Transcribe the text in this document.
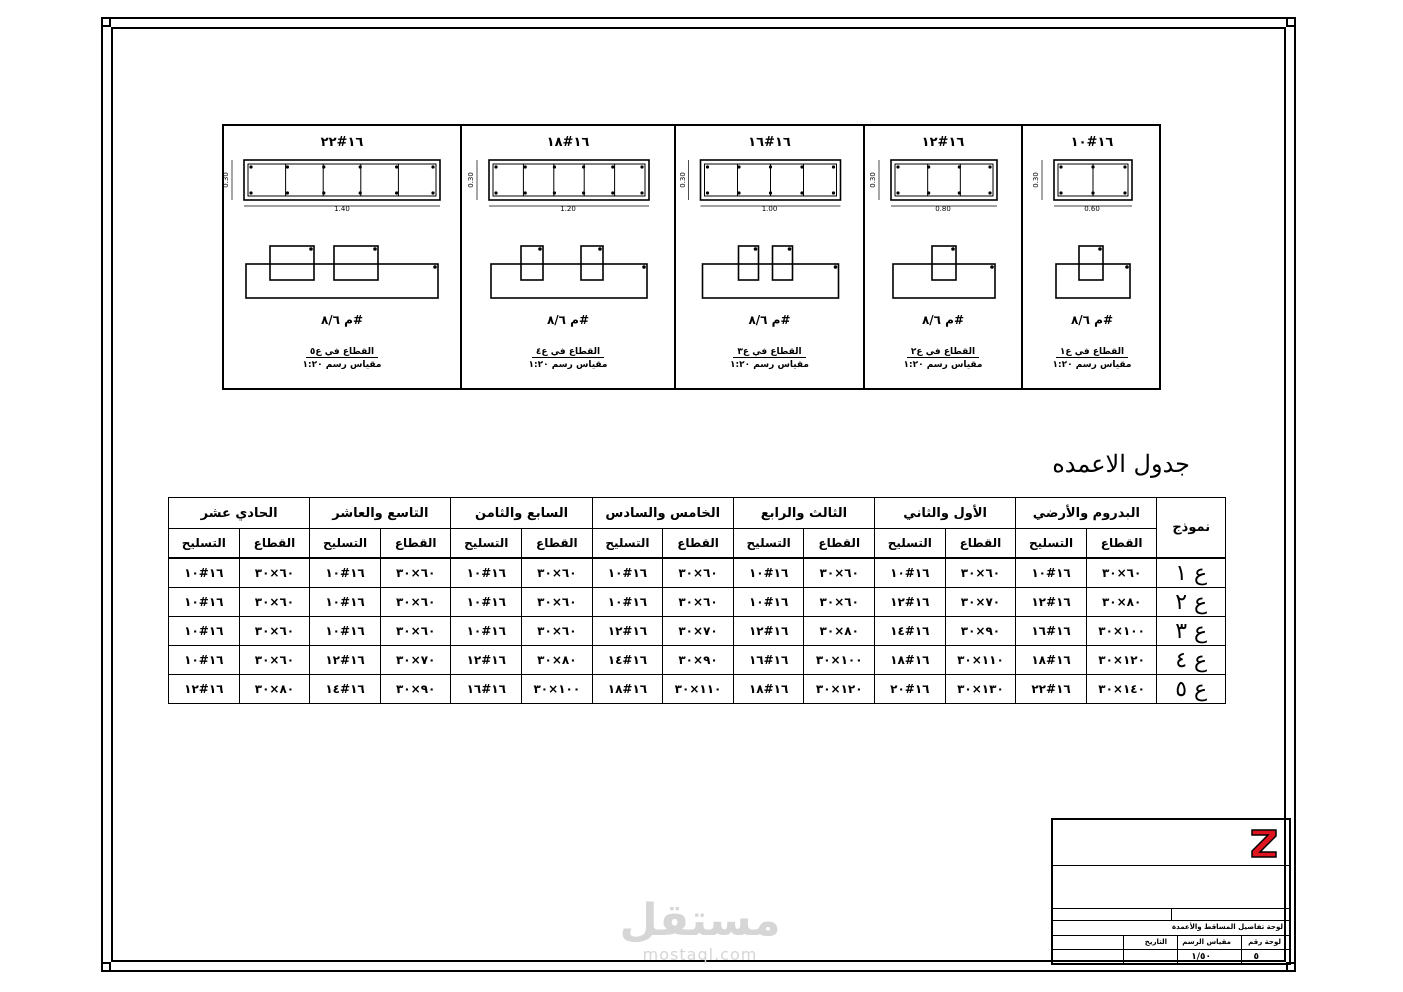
١٦#٢٢
1.40
0.30
م ٨/٦#
القطاع في ع٥
مقياس رسم ١:٢٠
١٦#١٨
1.20
0.30
م ٨/٦#
القطاع في ع٤
مقياس رسم ١:٢٠
١٦#١٦
1.00
0.30
م ٨/٦#
القطاع في ع٣
مقياس رسم ١:٢٠
١٦#١٢
0.80
0.30
م ٨/٦#
القطاع في ع٢
مقياس رسم ١:٢٠
١٦#١٠
0.60
0.30
م ٨/٦#
القطاع في ع١
مقياس رسم ١:٢٠
جدول الاعمده
نموذج	البدروم والأرضي		الأول والثاني		الثالث والرابع		الخامس والسادس		السابع والثامن		التاسع والعاشر		الحادي عشر	
	القطاع	التسليح	القطاع	التسليح	القطاع	التسليح	القطاع	التسليح	القطاع	التسليح	القطاع	التسليح	القطاع	التسليح
ع ١	٦٠×٣٠	١٦#١٠	٦٠×٣٠	١٦#١٠	٦٠×٣٠	١٦#١٠	٦٠×٣٠	١٦#١٠	٦٠×٣٠	١٦#١٠	٦٠×٣٠	١٦#١٠	٦٠×٣٠	١٦#١٠
ع ٢	٨٠×٣٠	١٦#١٢	٧٠×٣٠	١٦#١٢	٦٠×٣٠	١٦#١٠	٦٠×٣٠	١٦#١٠	٦٠×٣٠	١٦#١٠	٦٠×٣٠	١٦#١٠	٦٠×٣٠	١٦#١٠
ع ٣	١٠٠×٣٠	١٦#١٦	٩٠×٣٠	١٦#١٤	٨٠×٣٠	١٦#١٢	٧٠×٣٠	١٦#١٢	٦٠×٣٠	١٦#١٠	٦٠×٣٠	١٦#١٠	٦٠×٣٠	١٦#١٠
ع ٤	١٢٠×٣٠	١٦#١٨	١١٠×٣٠	١٦#١٨	١٠٠×٣٠	١٦#١٦	٩٠×٣٠	١٦#١٤	٨٠×٣٠	١٦#١٢	٧٠×٣٠	١٦#١٢	٦٠×٣٠	١٦#١٠
ع ٥	١٤٠×٣٠	١٦#٢٢	١٣٠×٣٠	١٦#٢٠	١٢٠×٣٠	١٦#١٨	١١٠×٣٠	١٦#١٨	١٠٠×٣٠	١٦#١٦	٩٠×٣٠	١٦#١٤	٨٠×٣٠	١٦#١٢
لوحة تفاصيل المساقط والأعمدة
لوحة رقم
مقياس الرسم
التاريخ
٥
١/٥٠
مستقل
mostaql.com
